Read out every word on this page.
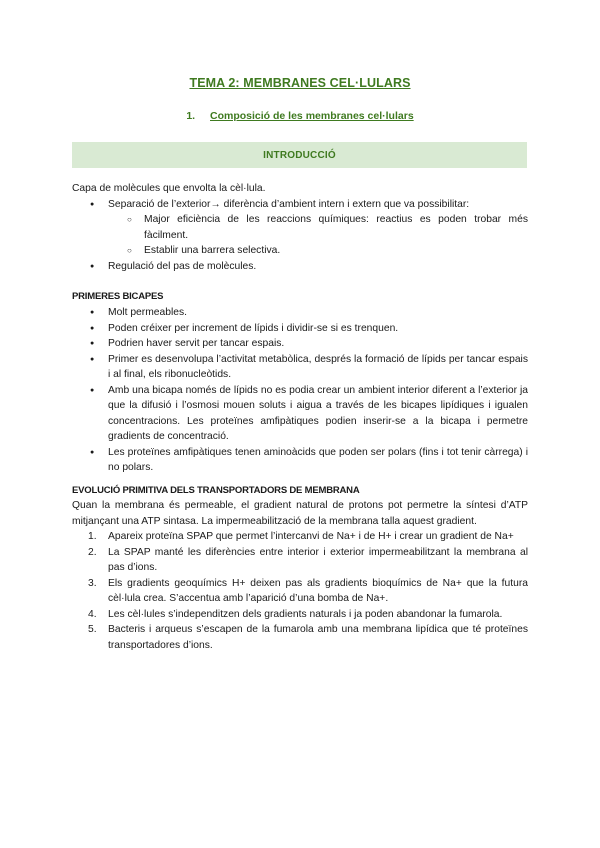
TEMA 2: MEMBRANES CEL·LULARS
1. Composició de les membranes cel·lulars
INTRODUCCIÓ

Capa de molècules que envolta la cèl·lula.

● Separació de l’exterior→ diferència d’ambient intern i extern que va possibilitar:
○ Major eficiència de les reaccions químiques: reactius es poden trobar més fàcilment.
○ Establir una barrera selectiva.
● Regulació del pas de molècules.
PRIMERES BICAPES
● Molt permeables.
● Poden créixer per increment de lípids i dividir-se si es trenquen.
● Podrien haver servit per tancar espais.
● Primer es desenvolupa l’activitat metabòlica, després la formació de lípids per tancar espais i al final, els ribonucleòtids.
● Amb una bicapa només de lípids no es podia crear un ambient interior diferent a l’exterior ja que la difusió i l’osmosi mouen soluts i aigua a través de les bicapes lipídiques i igualen concentracions. Les proteïnes amfipàtiques podien inserir-se a la bicapa i permetre gradients de concentració.
● Les proteïnes amfipàtiques tenen aminoàcids que poden ser polars (fins i tot tenir càrrega) i no polars.
EVOLUCIÓ PRIMITIVA DELS TRANSPORTADORS DE MEMBRANA

Quan la membrana és permeable, el gradient natural de protons pot permetre la síntesi d’ATP mitjançant una ATP sintasa. La impermeabilització de la membrana talla aquest gradient.

1. Apareix proteïna SPAP que permet l’intercanvi de Na+ i de H+ i crear un gradient de Na+
2. La SPAP manté les diferències entre interior i exterior impermeabilitzant la membrana al pas d’ions.
3. Els gradients geoquímics H+ deixen pas als gradients bioquímics de Na+ que la futura cèl·lula crea. S’accentua amb l’aparició d’una bomba de Na+.
4. Les cèl·lules s’independitzen dels gradients naturals i ja poden abandonar la fumarola.
5. Bacteris i arqueus s’escapen de la fumarola amb una membrana lipídica que té proteïnes transportadores d’ions.
